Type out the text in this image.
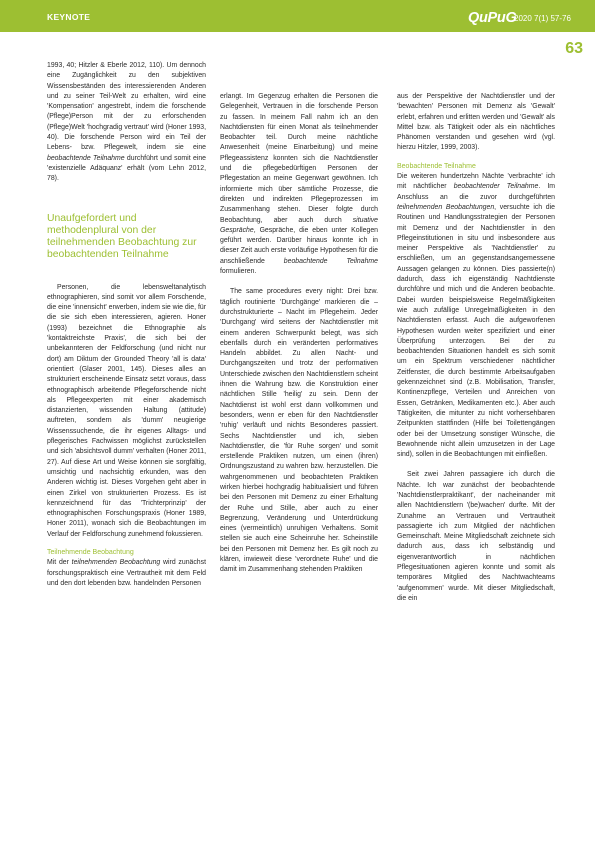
KEYNOTE	QuPuG
2020 7(1) 57-76
63

1993, 40; Hitzler & Eberle 2012, 110). Um dennoch eine Zugänglichkeit zu den subjektiven Wissensbeständen des interessierenden Anderen und zu seiner Teil-Welt zu erhalten, wird eine 'Kompensation' angestrebt, indem die forschende (Pflege)Person mit der zu erforschenden (Pflege)Welt 'hochgradig vertraut' wird (Honer 1993, 40). Die forschende Person wird ein Teil der Lebens- bzw. Pflegewelt, indem sie eine beobachtende Teilnahme durchführt und somit eine 'existenzielle Adäquanz' erhält (vom Lehn 2012, 78).

Unaufgefordert und methodenplural von der teilnehmenden Beobachtung zur beobachtenden Teilnahme

Personen, die lebensweltanalytisch ethnographieren, sind somit vor allem Forschende, die eine 'innensicht' erwerben, indem sie wie die, für die sie sich eben interessieren, agieren. Honer (1993) bezeichnet die Ethnographie als 'kontaktreichste Praxis', die sich bei der unbekannteren der Feldforschung (und nicht nur dort) am Diktum der Grounded Theory 'all is data' orientiert (Glaser 2001, 145). Dieses alles an strukturiert erscheinende Einsatz setzt voraus, dass ethnographisch arbeitende Pflegeforschende nicht als Pflegeexperten mit einer akademisch distanzierten, wissenden Haltung (attitude) auftreten, sondern als 'dumm' neugierige Wissenssuchende, die ihr eigenes Alltags- und pflegerisches Fachwissen möglichst zurückstellen und sich 'absichtsvoll dumm' verhalten (Honer 2011, 27). Auf diese Art und Weise können sie sorgfältig, umsichtig und nachsichtig erkunden, was den Anderen wichtig ist. Dieses Vorgehen geht aber in einen Zirkel von strukturierten Prozess. Es ist kennzeichnend für das 'Trichterprinzip' der ethnographischen Forschungspraxis (Honer 1989, Honer 2011), wonach sich die Beobachtungen im Verlauf der Feldforschung zunehmend fokussieren.

Teilnehmende Beobachtung

Mit der teilnehmenden Beobachtung wird zunächst forschungspraktisch eine Vertrautheit mit dem Feld und den dort lebenden bzw. handelnden Personen

erlangt. Im Gegenzug erhalten die Personen die Gelegenheit, Vertrauen in die forschende Person zu fassen. In meinem Fall nahm ich an den Nachtdiensten für einen Monat als teilnehmender Beobachter teil. Durch meine nächtliche Anwesenheit (meine Einarbeitung) und meine Pflegeassistenz konnten sich die Nachtdienstler und die pflegebedürftigen Personen der Pflegestation an meine Gegenwart gewöhnen. Ich informierte mich über sämtliche Prozesse, die direkten und indirekten Pflegeprozessen im Zusammenhang stehen. Dieser folgte durch Beobachtung, aber auch durch situative Gespräche, Gespräche, die eben unter Kollegen geführt werden. Darüber hinaus konnte ich in dieser Zeit auch erste vorläufige Hypothesen für die anschließende beobachtende Teilnahme formulieren.

The same procedures every night: Drei bzw. täglich routinierte 'Durchgänge' markieren die – durchstrukturierte – Nacht im Pflegeheim. Jeder 'Durchgang' wird seitens der Nachtdienstler mit einem anderen Schwerpunkt belegt, was sich ebenfalls durch ein veränderten performatives Handeln abbildet. Zu allen Nacht- und Durchgangszeiten und trotz der performativen Unterschiede zwischen den Nachtdienstlern scheint ihnen die Wahrung bzw. die Konstruktion einer nächtlichen Stille 'heilig' zu sein. Denn der Nachtdienst ist wohl erst dann vollkommen und besonders, wenn er eben für den Nachtdienstler 'ruhig' verläuft und nichts Besonderes passiert. Sechs Nachtdienstler und ich, sieben Nachtdienstler, die 'für Ruhe sorgen' und somit erstellende Praktiken nutzen, um einen (ihren) Ordnungszustand zu wahren bzw. herzustellen. Die wahrgenommenen und beobachteten Praktiken wirken hierbei hochgradig habitualisiert und führen bei den Personen mit Demenz zu einer Erhaltung der Ruhe und Stille, aber auch zu einer Begrenzung, Veränderung und Unterdrückung eines (vermeintlich) unruhigen Verhaltens. Somit stellen sie auch eine Scheinruhe her. Scheinstille bei den Personen mit Demenz her. Es gilt noch zu klären, inwieweit diese 'verordnete Ruhe' und die damit im Zusammenhang stehenden Praktiken

aus der Perspektive der Nachtdienstler und der 'bewachten' Personen mit Demenz als 'Gewalt' erlebt, erfahren und erlitten werden und 'Gewalt' als Mittel bzw. als Tätigkeit oder als ein nächtliches Phänomen verstanden und gesehen wird (vgl. hierzu Hitzler, 1999, 2003).

Beobachtende Teilnahme

Die weiteren hundertzehn Nächte 'verbrachte' ich mit nächtlicher beobachtender Teilnahme. Im Anschluss an die zuvor durchgeführten teilnehmenden Beobachtungen, versuchte ich die Routinen und Handlungsstrategien der Personen mit Demenz und der Nachtdienstler in den Pflegeinstitutionen in situ und insbesondere aus meiner Perspektive als 'Nachtdienstler' zu erschließen, um an gegenstandsangemessene Aussagen gelangen zu können. Dies passierte(n) dadurch, dass ich eigenständig Nachtdienste durchführe und mich und die Anderen beobachte. Dabei wurden beispielsweise Regelmäßigkeiten wie auch zufällige Unregelmäßigkeiten in den Nachtdiensten erfasst. Auch die aufgeworfenen Hypothesen wurden weiter spezifiziert und einer Überprüfung unterzogen. Bei der zu beobachtenden Situationen handelt es sich somit um ein Spektrum verschiedener nächtlicher Zeitfenster, die durch bestimmte Arbeitsaufgaben gekennzeichnet sind (z.B. Mobilisation, Transfer, Kontinenzpflege, Verteilen und Anreichen von Essen, Getränken, Medikamenten etc.). Aber auch Tätigkeiten, die mitunter zu nicht vorhersehbaren Zeitpunkten stattfinden (Hilfe bei Toilettengängen oder bei der Umsetzung sonstiger Wünsche, die Bewohnende nicht allein umzusetzen in der Lage sind), sollen in die Beobachtungen mit einfließen.

Seit zwei Jahren passagiere ich durch die Nächte. Ich war zunächst der beobachtende 'Nachtdienstlerpraktikant', der nacheinander mit allen Nachtdienstlern '(be)wachen' durfte. Mit der Zunahme an Vertrauen und Vertrautheit passagierte ich zum Mitglied der nächtlichen Gemeinschaft. Meine Mitgliedschaft zeichnete sich dadurch aus, dass ich selbständig und eigenverantwortlich in nächtlichen Pflegesituationen agieren konnte und somit als temporäres Mitglied des Nachtwachteams 'aufgenommen' wurde. Mit dieser Mitgliedschaft, die ein
